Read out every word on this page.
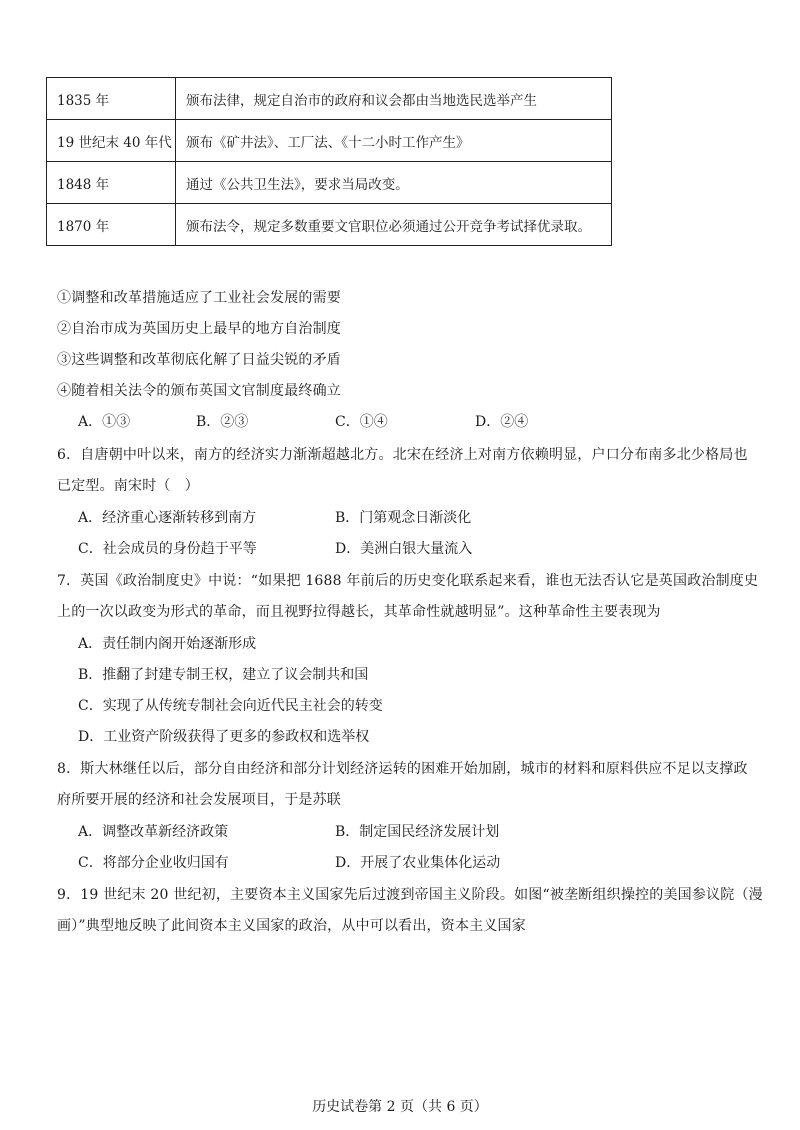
1835 年	颁布法律，规定自治市的政府和议会都由当地选民选举产生
19 世纪末 40 年代	颁布《矿井法》、工厂法、《十二小时工作产生》
1848 年	通过《公共卫生法》，要求当局改变。
1870 年	颁布法令，规定多数重要文官职位必须通过公开竞争考试择优录取。
①调整和改革措施适应了工业社会发展的需要
②自治市成为英国历史上最早的地方自治制度
③这些调整和改革彻底化解了日益尖锐的矛盾
④随着相关法令的颁布英国文官制度最终确立
A．①③	B．②③	C．①④	D．②④
6．自唐朝中叶以来，南方的经济实力渐渐超越北方。北宋在经济上对南方依赖明显，户口分布南多北少格局也
已定型。南宋时（　）
A．经济重心逐渐转移到南方	B．门第观念日渐淡化
C．社会成员的身份趋于平等	D．美洲白银大量流入
7．英国《政治制度史》中说：“如果把 1688 年前后的历史变化联系起来看，谁也无法否认它是英国政治制度史
上的一次以政变为形式的革命，而且视野拉得越长，其革命性就越明显”。这种革命性主要表现为
A．责任制内阁开始逐渐形成
B．推翻了封建专制王权，建立了议会制共和国
C．实现了从传统专制社会向近代民主社会的转变
D．工业资产阶级获得了更多的参政权和选举权
8．斯大林继任以后，部分自由经济和部分计划经济运转的困难开始加剧，城市的材料和原料供应不足以支撑政
府所要开展的经济和社会发展项目，于是苏联
A．调整改革新经济政策	B．制定国民经济发展计划
C．将部分企业收归国有	D．开展了农业集体化运动
9．19 世纪末 20 世纪初，主要资本主义国家先后过渡到帝国主义阶段。如图“被垄断组织操控的美国参议院（漫
画）”典型地反映了此间资本主义国家的政治，从中可以看出，资本主义国家
历史试卷第 2 页（共 6 页）
